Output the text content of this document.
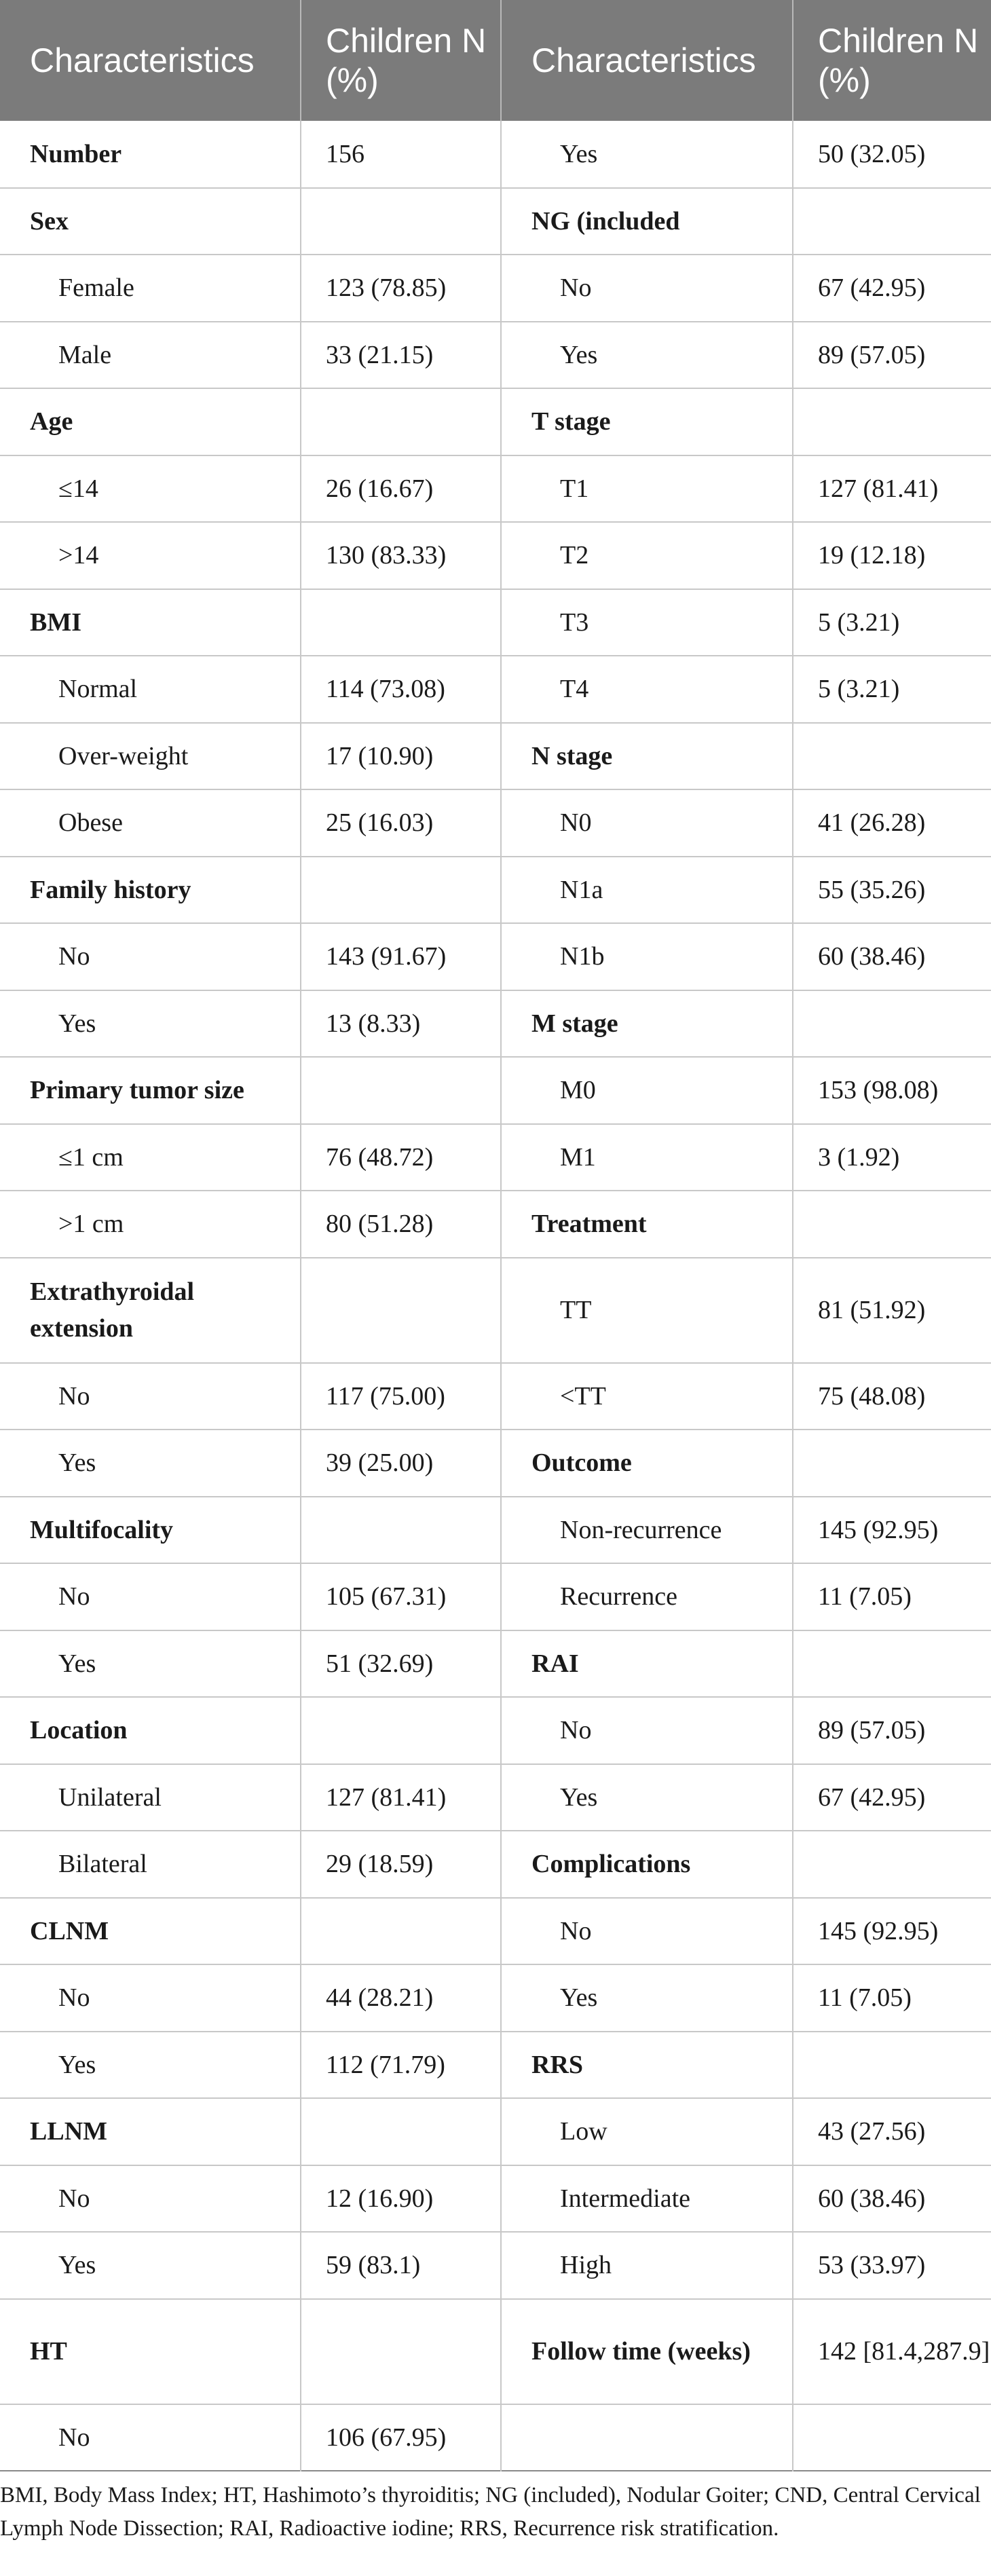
Characteristics	Children N (%)	Characteristics	Children N (%)
Number	156	Yes	50 (32.05)
Sex		NG (included	
Female	123 (78.85)	No	67 (42.95)
Male	33 (21.15)	Yes	89 (57.05)
Age		T stage	
≤14	26 (16.67)	T1	127 (81.41)
>14	130 (83.33)	T2	19 (12.18)
BMI		T3	5 (3.21)
Normal	114 (73.08)	T4	5 (3.21)
Over-weight	17 (10.90)	N stage	
Obese	25 (16.03)	N0	41 (26.28)
Family history		N1a	55 (35.26)
No	143 (91.67)	N1b	60 (38.46)
Yes	13 (8.33)	M stage	
Primary tumor size		M0	153 (98.08)
≤1 cm	76 (48.72)	M1	3 (1.92)
>1 cm	80 (51.28)	Treatment	
Extrathyroidal extension		TT	81 (51.92)
No	117 (75.00)	<TT	75 (48.08)
Yes	39 (25.00)	Outcome	
Multifocality		Non-recurrence	145 (92.95)
No	105 (67.31)	Recurrence	11 (7.05)
Yes	51 (32.69)	RAI	
Location		No	89 (57.05)
Unilateral	127 (81.41)	Yes	67 (42.95)
Bilateral	29 (18.59)	Complications	
CLNM		No	145 (92.95)
No	44 (28.21)	Yes	11 (7.05)
Yes	112 (71.79)	RRS	
LLNM		Low	43 (27.56)
No	12 (16.90)	Intermediate	60 (38.46)
Yes	59 (83.1)	High	53 (33.97)
HT		Follow time (weeks)	142 [81.4,287.9]
No	106 (67.95)		
BMI, Body Mass Index; HT, Hashimoto’s thyroiditis; NG (included), Nodular Goiter; CND, Central Cervical Lymph Node Dissection; RAI, Radioactive iodine; RRS, Recurrence risk stratification.
